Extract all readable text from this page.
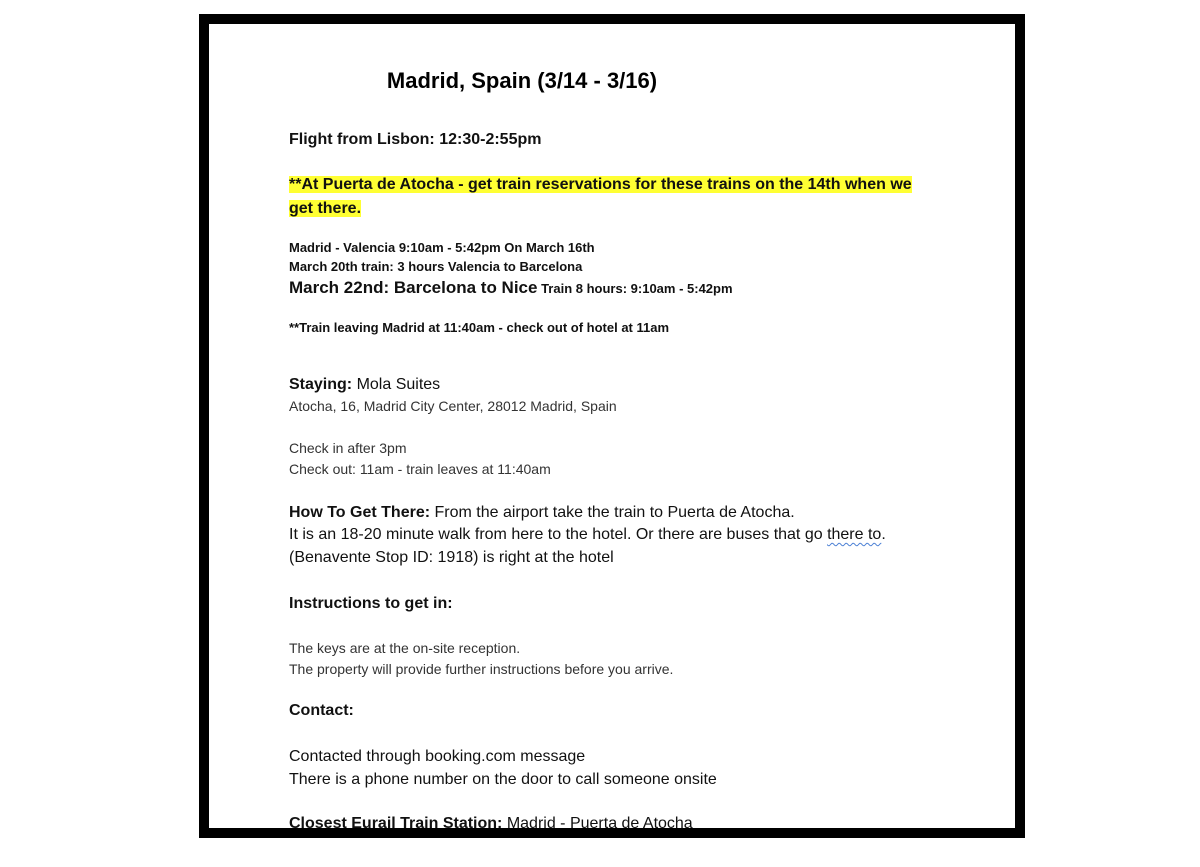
Madrid, Spain (3/14 - 3/16)
Flight from Lisbon: 12:30-2:55pm
**At Puerta de Atocha - get train reservations for these trains on the 14th when we
get there.
Madrid - Valencia 9:10am - 5:42pm On March 16th
March 20th train: 3 hours Valencia to Barcelona
March 22nd: Barcelona to Nice Train 8 hours: 9:10am - 5:42pm
**Train leaving Madrid at 11:40am - check out of hotel at 11am
Staying: Mola Suites
Atocha, 16, Madrid City Center, 28012 Madrid, Spain
Check in after 3pm
Check out: 11am - train leaves at 11:40am
How To Get There: From the airport take the train to Puerta de Atocha.
It is an 18-20 minute walk from here to the hotel. Or there are buses that go there to.
(Benavente Stop ID: 1918) is right at the hotel
Instructions to get in:
The keys are at the on-site reception.
The property will provide further instructions before you arrive.
Contact:
Contacted through booking.com message
There is a phone number on the door to call someone onsite
Closest Eurail Train Station: Madrid - Puerta de Atocha
